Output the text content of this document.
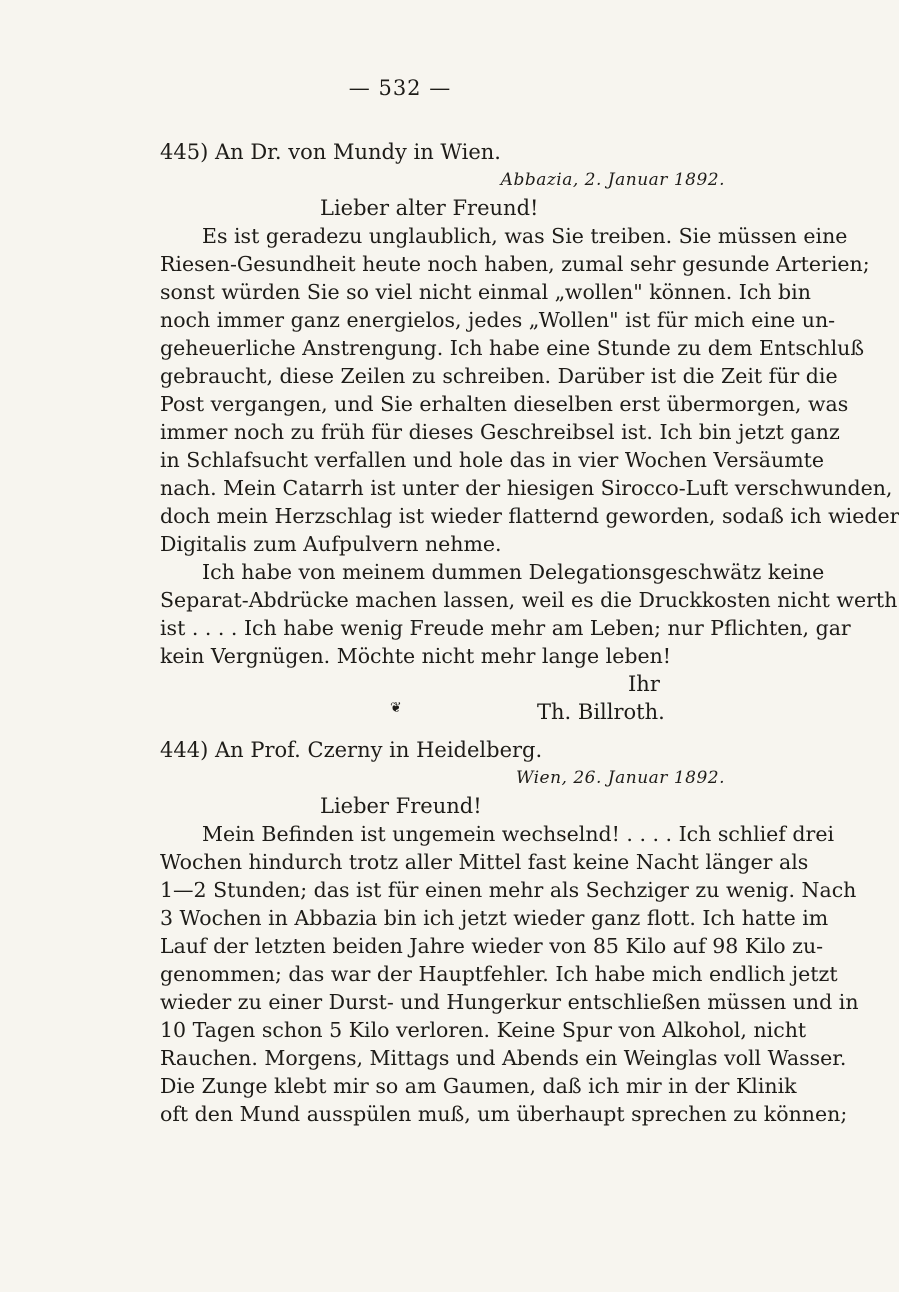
— 532 —
445) An Dr. von Mundy in Wien.
Abbazia, 2. Januar 1892.
Lieber alter Freund!
Es ist geradezu unglaublich, was Sie treiben. Sie müssen eine
Riesen-Gesundheit heute noch haben, zumal sehr gesunde Arterien;
sonst würden Sie so viel nicht einmal „wollen" können. Ich bin
noch immer ganz energielos, jedes „Wollen" ist für mich eine un-
geheuerliche Anstrengung. Ich habe eine Stunde zu dem Entschluß
gebraucht, diese Zeilen zu schreiben. Darüber ist die Zeit für die
Post vergangen, und Sie erhalten dieselben erst übermorgen, was
immer noch zu früh für dieses Geschreibsel ist. Ich bin jetzt ganz
in Schlafsucht verfallen und hole das in vier Wochen Versäumte
nach. Mein Catarrh ist unter der hiesigen Sirocco-Luft verschwunden,
doch mein Herzschlag ist wieder flatternd geworden, sodaß ich wieder
Digitalis zum Aufpulvern nehme.
Ich habe von meinem dummen Delegationsgeschwätz keine
Separat-Abdrücke machen lassen, weil es die Druckkosten nicht werth
ist . . . . Ich habe wenig Freude mehr am Leben; nur Pflichten, gar
kein Vergnügen. Möchte nicht mehr lange leben!
Ihr
Th. Billroth.
❦
444) An Prof. Czerny in Heidelberg.
Wien, 26. Januar 1892.
Lieber Freund!
Mein Befinden ist ungemein wechselnd! . . . . Ich schlief drei
Wochen hindurch trotz aller Mittel fast keine Nacht länger als
1—2 Stunden; das ist für einen mehr als Sechziger zu wenig. Nach
3 Wochen in Abbazia bin ich jetzt wieder ganz flott. Ich hatte im
Lauf der letzten beiden Jahre wieder von 85 Kilo auf 98 Kilo zu-
genommen; das war der Hauptfehler. Ich habe mich endlich jetzt
wieder zu einer Durst- und Hungerkur entschließen müssen und in
10 Tagen schon 5 Kilo verloren. Keine Spur von Alkohol, nicht
Rauchen. Morgens, Mittags und Abends ein Weinglas voll Wasser.
Die Zunge klebt mir so am Gaumen, daß ich mir in der Klinik
oft den Mund ausspülen muß, um überhaupt sprechen zu können;
